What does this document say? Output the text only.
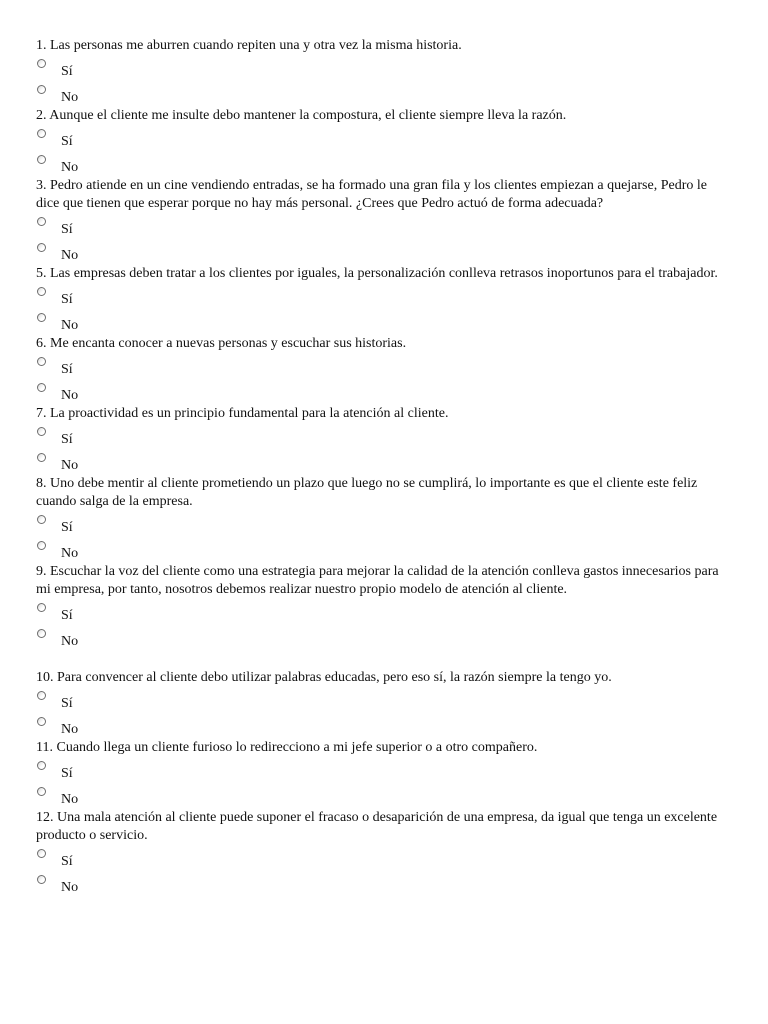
1. Las personas me aburren cuando repiten una y otra vez la misma historia.

Sí
No

2. Aunque el cliente me insulte debo mantener la compostura, el cliente siempre lleva la razón.

Sí
No

3. Pedro atiende en un cine vendiendo entradas, se ha formado una gran fila y los clientes empiezan a quejarse, Pedro le dice que tienen que esperar porque no hay más personal. ¿Crees que Pedro actuó de forma adecuada?

Sí
No

5. Las empresas deben tratar a los clientes por iguales, la personalización conlleva retrasos inoportunos para el trabajador.

Sí
No

6. Me encanta conocer a nuevas personas y escuchar sus historias.

Sí
No

7. La proactividad es un principio fundamental para la atención al cliente.

Sí
No

8. Uno debe mentir al cliente prometiendo un plazo que luego no se cumplirá, lo importante es que el cliente este feliz cuando salga de la empresa.

Sí
No

9. Escuchar la voz del cliente como una estrategia para mejorar la calidad de la atención conlleva gastos innecesarios para mi empresa, por tanto, nosotros debemos realizar nuestro propio modelo de atención al cliente.

Sí
No

10. Para convencer al cliente debo utilizar palabras educadas, pero eso sí, la razón siempre la tengo yo.

Sí
No

11. Cuando llega un cliente furioso lo redirecciono a mi jefe superior o a otro compañero.

Sí
No

12. Una mala atención al cliente puede suponer el fracaso o desaparición de una empresa, da igual que tenga un excelente producto o servicio.

Sí
No
